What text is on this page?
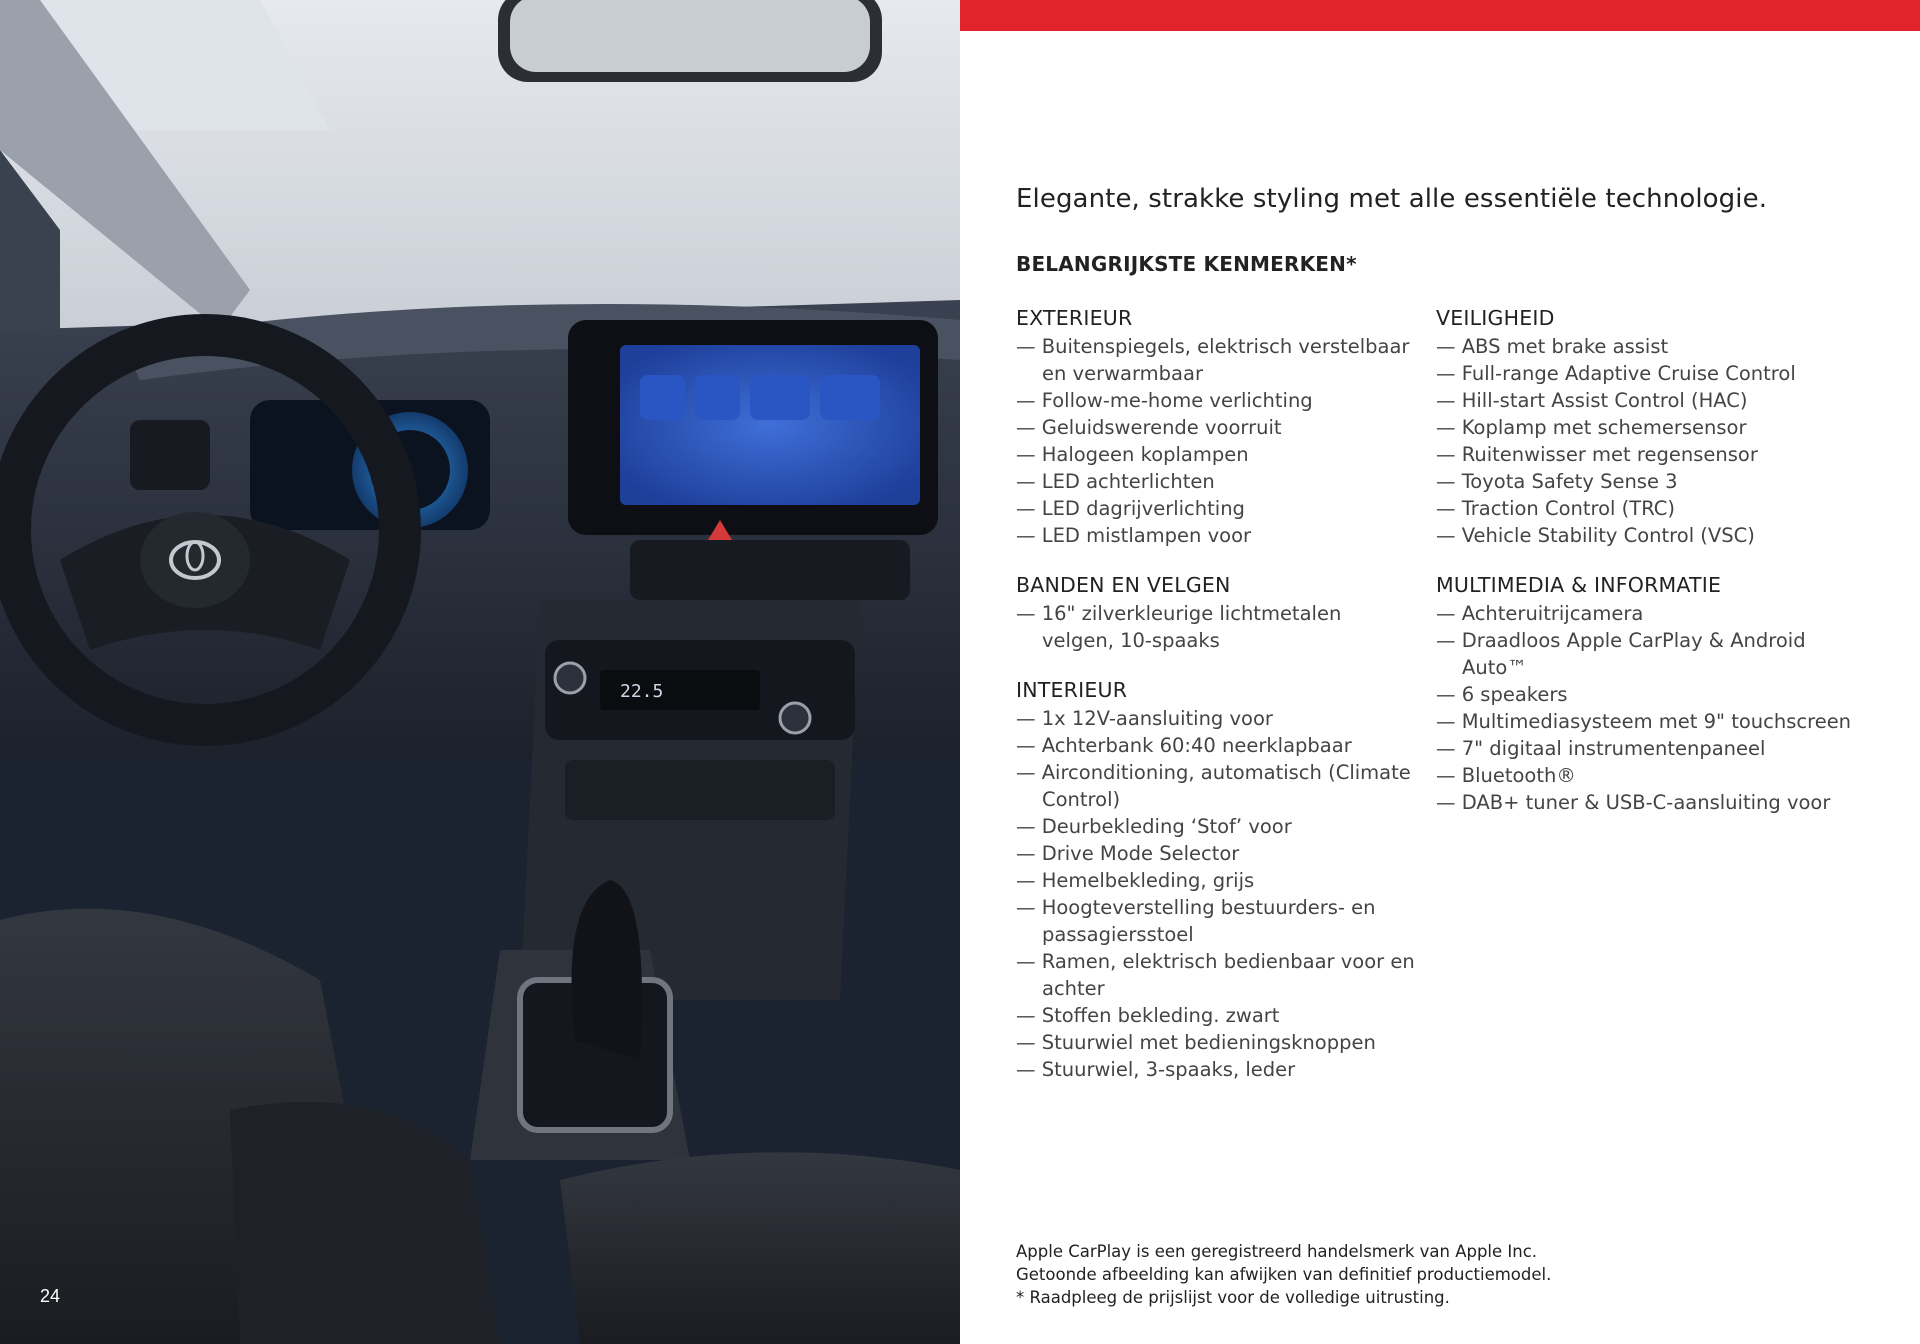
22.5
24
Elegante, strakke styling met alle essentiële technologie.
BELANGRIJKSTE KENMERKEN*
EXTERIEUR
— Buitenspiegels, elektrisch verstelbaar en verwarmbaar
— Follow-me-home verlichting
— Geluidswerende voorruit
— Halogeen koplampen
— LED achterlichten
— LED dagrijverlichting
— LED mistlampen voor
BANDEN EN VELGEN
— 16" zilverkleurige lichtmetalen velgen, 10-spaaks
INTERIEUR
— 1x 12V-aansluiting voor
— Achterbank 60:40 neerklapbaar
— Airconditioning, automatisch (Climate Control)
— Deurbekleding ‘Stof’ voor
— Drive Mode Selector
— Hemelbekleding, grijs
— Hoogteverstelling bestuurders- en passagiersstoel
— Ramen, elektrisch bedienbaar voor en achter
— Stoffen bekleding. zwart
— Stuurwiel met bedieningsknoppen
— Stuurwiel, 3-spaaks, leder
VEILIGHEID
— ABS met brake assist
— Full-range Adaptive Cruise Control
— Hill-start Assist Control (HAC)
— Koplamp met schemersensor
— Ruitenwisser met regensensor
— Toyota Safety Sense 3
— Traction Control (TRC)
— Vehicle Stability Control (VSC)
MULTIMEDIA & INFORMATIE
— Achteruitrijcamera
— Draadloos Apple CarPlay & Android Auto™
— 6 speakers
— Multimediasysteem met 9" touchscreen
— 7" digitaal instrumentenpaneel
— Bluetooth®
— DAB+ tuner & USB-C-aansluiting voor

Apple CarPlay is een geregistreerd handelsmerk van Apple Inc.

Getoonde afbeelding kan afwijken van definitief productiemodel.

* Raadpleeg de prijslijst voor de volledige uitrusting.
